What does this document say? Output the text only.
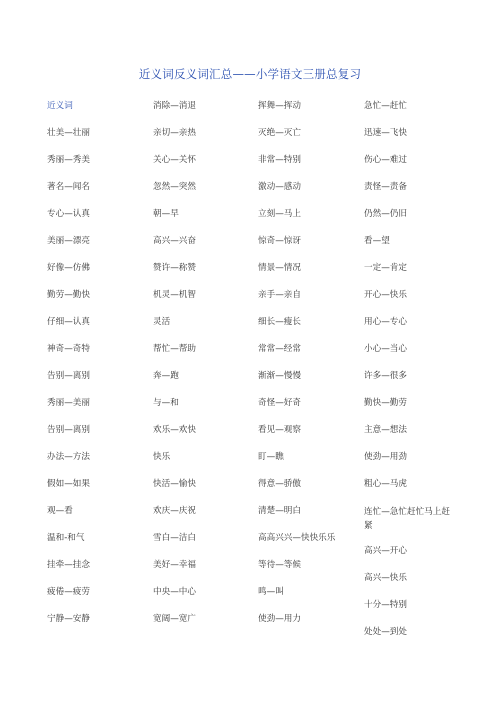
近义词反义词汇总——小学语文三册总复习
近义词
壮美—壮丽
秀丽—秀美
著名—闻名
专心—认真
美丽—漂亮
好像—仿佛
勤劳—勤快
仔细—认真
神奇—奇特
告别—离别
秀丽—美丽
告别—离别
办法—方法
假如—如果
观—看
温和-和气
挂牵—挂念
疲倦—疲劳
宁静—安静
消除—消退
亲切—亲热
关心—关怀
忽然—突然
朝—早
高兴—兴奋
赞许—称赞
机灵—机智
灵活
帮忙—帮助
奔—跑
与—和
欢乐—欢快
快乐
快活—愉快
欢庆—庆祝
雪白—洁白
美好—幸福
中央—中心
宽阔—宽广
挥舞—挥动
灭绝—灭亡
非常—特别
激动—感动
立刻—马上
惊奇—惊讶
情景—情况
亲手—亲自
细长—瘦长
常常—经常
渐渐—慢慢
奇怪—好奇
看见—观察
盯—瞧
得意—骄傲
清楚—明白
高高兴兴—快快乐乐
等待—等候
鸣—叫
使劲—用力
急忙—赶忙
迅速—飞快
伤心—难过
责怪—责备
仍然—仍旧
看—望
一定—肯定
开心—快乐
用心—专心
小心—当心
许多—很多
勤快—勤劳
主意—想法
使劲—用劲
粗心—马虎
连忙—急忙赶忙马上赶紧
高兴—开心
高兴—快乐
十分—特别
处处—到处
